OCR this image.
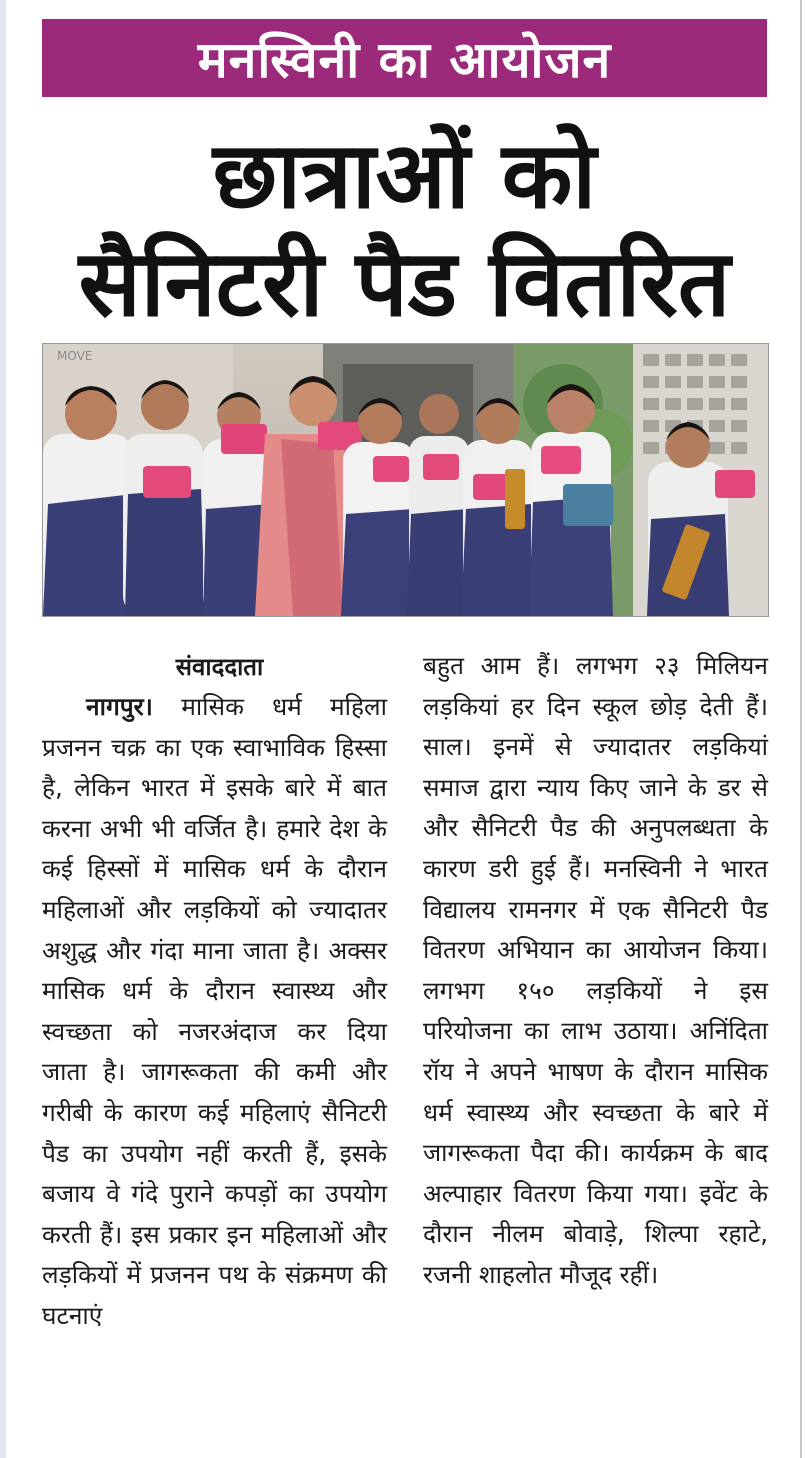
मनस्विनी का आयोजन
छात्राओं को
सैनिटरी पैड वितरित
MOVE
संवाददाता
नागपुर। मासिक धर्म महिला प्रजनन चक्र का एक स्वाभाविक हिस्सा है, लेकिन भारत में इसके बारे में बात करना अभी भी वर्जित है। हमारे देश के कई हिस्सों में मासिक धर्म के दौरान महिलाओं और लड़कियों को ज्यादातर अशुद्ध और गंदा माना जाता है। अक्सर मासिक धर्म के दौरान स्वास्थ्य और स्वच्छता को नजरअंदाज कर दिया जाता है। जागरूकता की कमी और गरीबी के कारण कई महिलाएं सैनिटरी पैड का उपयोग नहीं करती हैं, इसके बजाय वे गंदे पुराने कपड़ों का उपयोग करती हैं। इस प्रकार इन महिलाओं और लड़कियों में प्रजनन पथ के संक्रमण की घटनाएं
बहुत आम हैं। लगभग २३ मिलियन लड़कियां हर दिन स्कूल छोड़ देती हैं। साल। इनमें से ज्यादातर लड़कियां समाज द्वारा न्याय किए जाने के डर से और सैनिटरी पैड की अनुपलब्धता के कारण डरी हुई हैं। मनस्विनी ने भारत विद्यालय रामनगर में एक सैनिटरी पैड वितरण अभियान का आयोजन किया। लगभग १५० लड़कियों ने इस परियोजना का लाभ उठाया। अनिंदिता रॉय ने अपने भाषण के दौरान मासिक धर्म स्वास्थ्य और स्वच्छता के बारे में जागरूकता पैदा की। कार्यक्रम के बाद अल्पाहार वितरण किया गया। इवेंट के दौरान नीलम बोवाड़े, शिल्पा रहाटे, रजनी शाहलोत मौजूद रहीं।
